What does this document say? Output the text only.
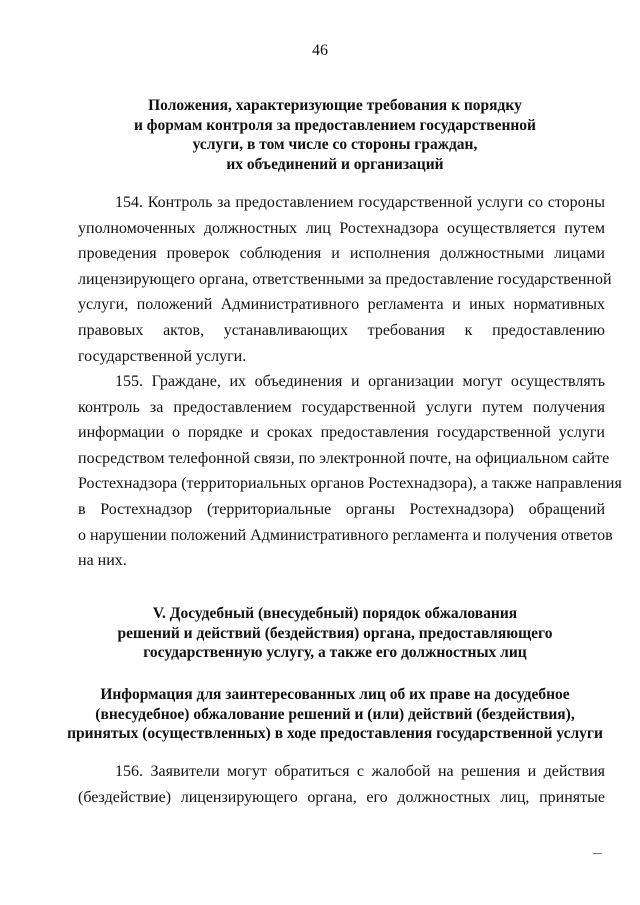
46
Положения, характеризующие требования к порядку
и формам контроля за предоставлением государственной
услуги, в том числе со стороны граждан,
их объединений и организаций
154. Контроль за предоставлением государственной услуги со стороны
уполномоченных должностных лиц Ростехнадзора осуществляется путем
проведения проверок соблюдения и исполнения должностными лицами
лицензирующего органа, ответственными за предоставление государственной
услуги, положений Административного регламента и иных нормативных
правовых актов, устанавливающих требования к предоставлению
государственной услуги.
155. Граждане, их объединения и организации могут осуществлять
контроль за предоставлением государственной услуги путем получения
информации о порядке и сроках предоставления государственной услуги
посредством телефонной связи, по электронной почте, на официальном сайте
Ростехнадзора (территориальных органов Ростехнадзора), а также направления
в Ростехнадзор (территориальные органы Ростехнадзора) обращений
о нарушении положений Административного регламента и получения ответов
на них.
V. Досудебный (внесудебный) порядок обжалования
решений и действий (бездействия) органа, предоставляющего
государственную услугу, а также его должностных лиц
Информация для заинтересованных лиц об их праве на досудебное
(внесудебное) обжалование решений и (или) действий (бездействия),
принятых (осуществленных) в ходе предоставления государственной услуги
156. Заявители могут обратиться с жалобой на решения и действия
(бездействие) лицензирующего органа, его должностных лиц, принятые
